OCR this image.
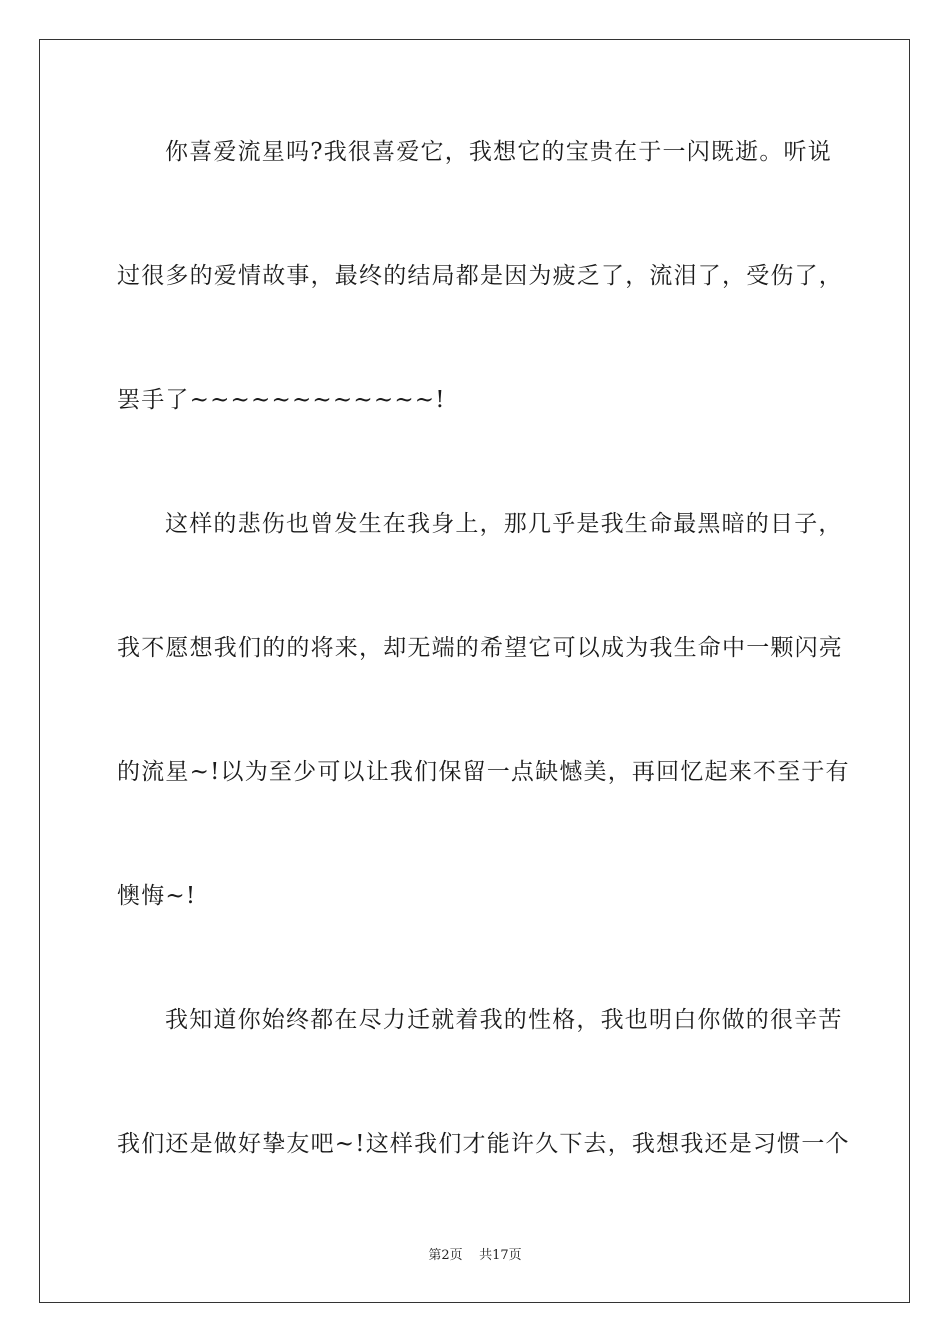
你喜爱流星吗?我很喜爱它，我想它的宝贵在于一闪既逝。听说
过很多的爱情故事，最终的结局都是因为疲乏了，流泪了，受伤了，
罢手了~~~~~~~~~~~~!
这样的悲伤也曾发生在我身上，那几乎是我生命最黑暗的日子，
我不愿想我们的的将来，却无端的希望它可以成为我生命中一颗闪亮
的流星~!以为至少可以让我们保留一点缺憾美，再回忆起来不至于有
懊悔~!
我知道你始终都在尽力迁就着我的性格，我也明白你做的很辛苦
我们还是做好挚友吧~!这样我们才能许久下去，我想我还是习惯一个
第2页 共17页
